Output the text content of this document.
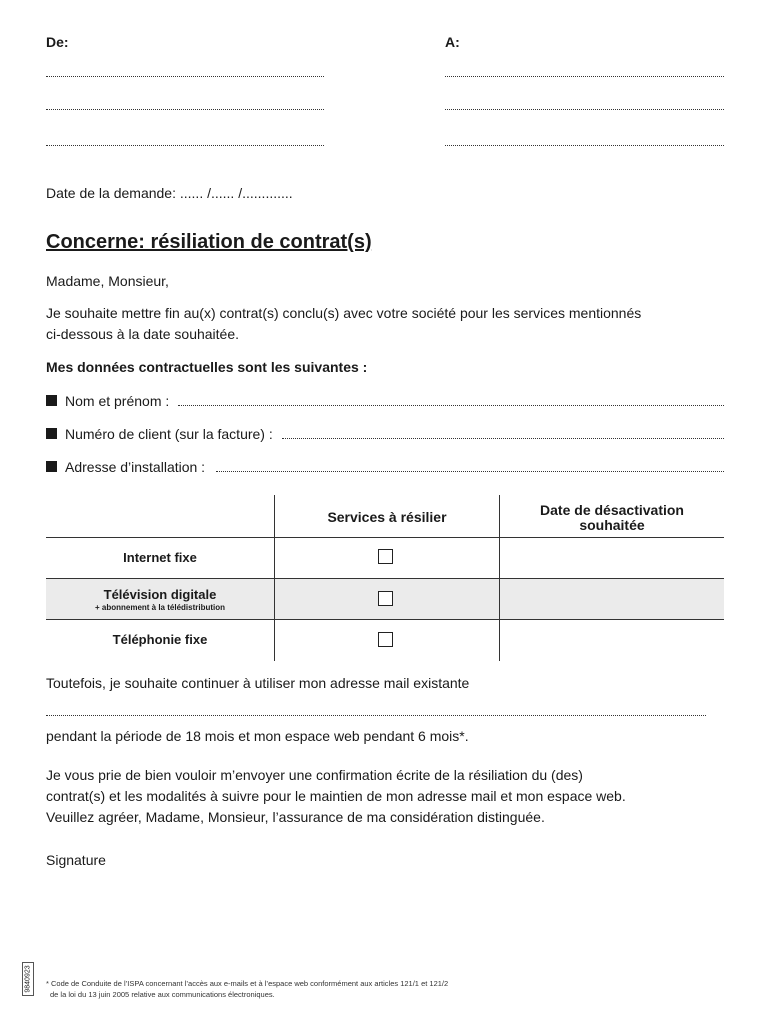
De:	A:
Date de la demande: ...... /...... /.............
Concerne: résiliation de contrat(s)
Madame, Monsieur,
Je souhaite mettre fin au(x) contrat(s) conclu(s) avec votre société pour les services mentionnés
ci-dessous à la date souhaitée.
Mes données contractuelles sont les suivantes :
Nom et prénom :
Numéro de client (sur la facture) :
Adresse d’installation :
Services à résilier	Date de désactivation
souhaitée
Internet fixe
Télévision digitale
+ abonnement à la télédistribution
Téléphonie fixe
Toutefois, je souhaite continuer à utiliser mon adresse mail existante
pendant la période de 18 mois et mon espace web pendant 6 mois*.
Je vous prie de bien vouloir m’envoyer une confirmation écrite de la résiliation du (des)
contrat(s) et les modalités à suivre pour le maintien de mon adresse mail et mon espace web.
Veuillez agréer, Madame, Monsieur, l’assurance de ma considération distinguée.
Signature
9840923 * Code de Conduite de l’ISPA concernant l’accès aux e-mails et à l’espace web conformément aux articles 121/1 et 121/2
de la loi du 13 juin 2005 relative aux communications électroniques.
